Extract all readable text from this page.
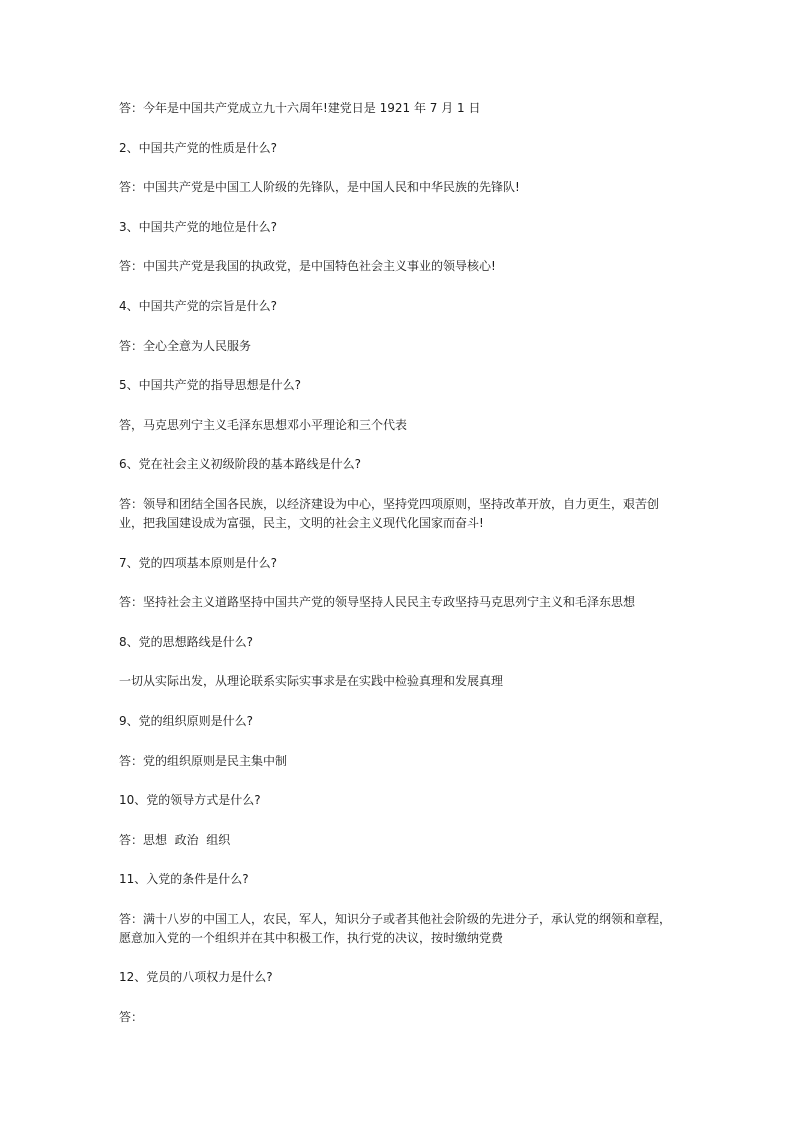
答：今年是中国共产党成立九十六周年!建党日是 1921 年 7 月 1 日

2、中国共产党的性质是什么?

答：中国共产党是中国工人阶级的先锋队，是中国人民和中华民族的先锋队!

3、中国共产党的地位是什么?

答：中国共产党是我国的执政党，是中国特色社会主义事业的领导核心!

4、中国共产党的宗旨是什么?

答：全心全意为人民服务

5、中国共产党的指导思想是什么?

答，马克思列宁主义毛泽东思想邓小平理论和三个代表

6、党在社会主义初级阶段的基本路线是什么?

答：领导和团结全国各民族，以经济建设为中心，坚持党四项原则，坚持改革开放，自力更生，艰苦创业，把我国建设成为富强，民主，文明的社会主义现代化国家而奋斗!

7、党的四项基本原则是什么?

答：坚持社会主义道路坚持中国共产党的领导坚持人民民主专政坚持马克思列宁主义和毛泽东思想

8、党的思想路线是什么?

一切从实际出发，从理论联系实际实事求是在实践中检验真理和发展真理

9、党的组织原则是什么?

答：党的组织原则是民主集中制

10、党的领导方式是什么?

答：思想  政治  组织

11、入党的条件是什么?

答：满十八岁的中国工人，农民，军人，知识分子或者其他社会阶级的先进分子，承认党的纲领和章程，愿意加入党的一个组织并在其中积极工作，执行党的决议，按时缴纳党费

12、党员的八项权力是什么?

答：
